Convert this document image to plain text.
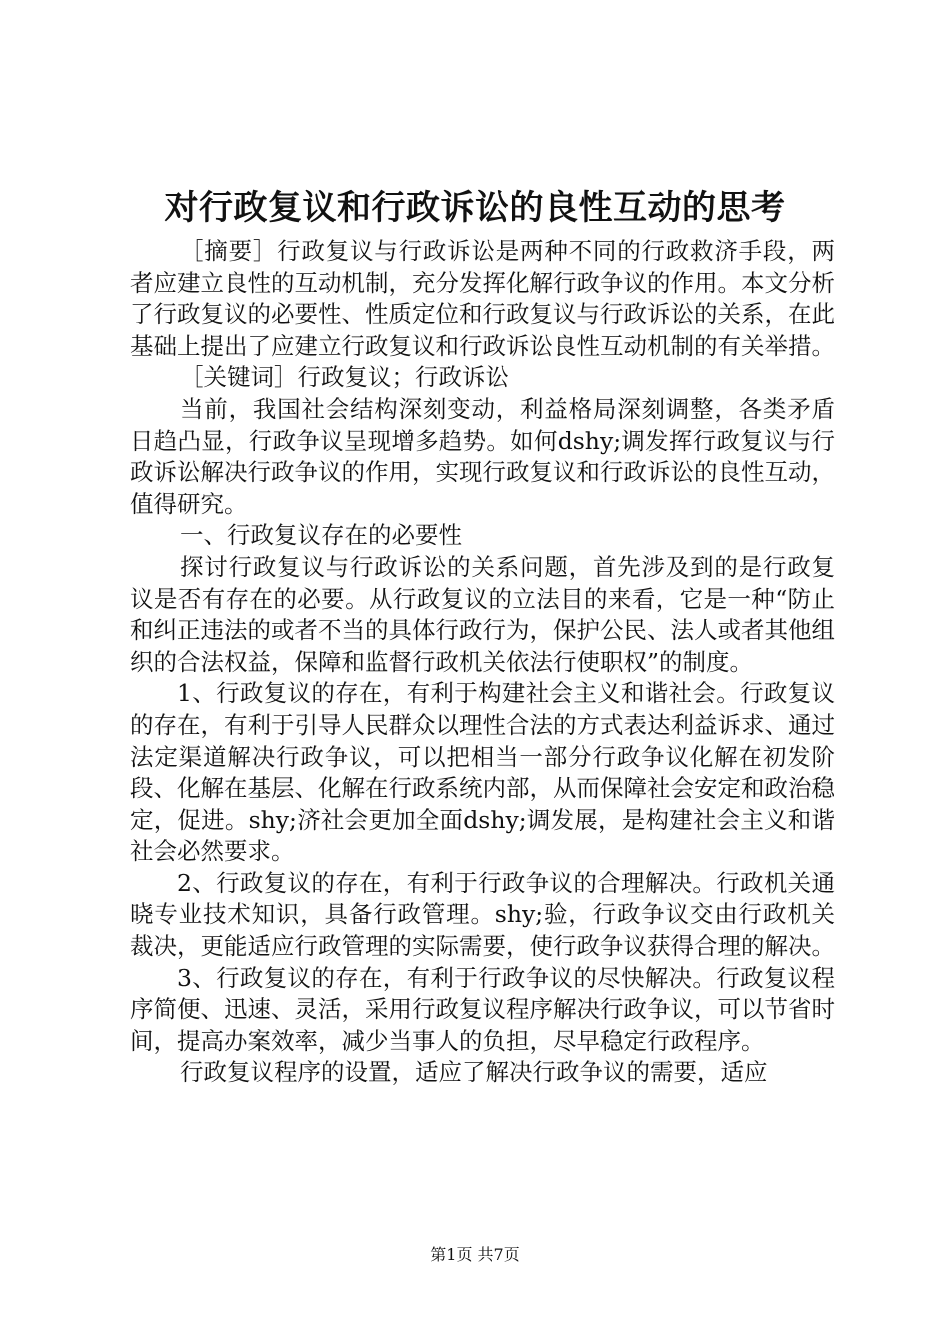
对行政复议和行政诉讼的良性互动的思考

［摘要］行政复议与行政诉讼是两种不同的行政救济手段，两者应建立良性的互动机制，充分发挥化解行政争议的作用。本文分析了行政复议的必要性、性质定位和行政复议与行政诉讼的关系，在此基础上提出了应建立行政复议和行政诉讼良性互动机制的有关举措。

［关键词］行政复议；行政诉讼

当前，我国社会结构深刻变动，利益格局深刻调整，各类矛盾日趋凸显，行政争议呈现增多趋势。如何dshy;调发挥行政复议与行政诉讼解决行政争议的作用，实现行政复议和行政诉讼的良性互动，值得研究。

一、行政复议存在的必要性

探讨行政复议与行政诉讼的关系问题，首先涉及到的是行政复议是否有存在的必要。从行政复议的立法目的来看，它是一种“防止和纠正违法的或者不当的具体行政行为，保护公民、法人或者其他组织的合法权益，保障和监督行政机关依法行使职权”的制度。

1、行政复议的存在，有利于构建社会主义和谐社会。行政复议的存在，有利于引导人民群众以理性合法的方式表达利益诉求、通过法定渠道解决行政争议，可以把相当一部分行政争议化解在初发阶段、化解在基层、化解在行政系统内部，从而保障社会安定和政治稳定，促进。shy;济社会更加全面dshy;调发展，是构建社会主义和谐社会必然要求。

2、行政复议的存在，有利于行政争议的合理解决。行政机关通晓专业技术知识，具备行政管理。shy;验，行政争议交由行政机关裁决，更能适应行政管理的实际需要，使行政争议获得合理的解决。

3、行政复议的存在，有利于行政争议的尽快解决。行政复议程序简便、迅速、灵活，采用行政复议程序解决行政争议，可以节省时间，提高办案效率，减少当事人的负担，尽早稳定行政程序。

行政复议程序的设置，适应了解决行政争议的需要，适应

第1页 共7页
